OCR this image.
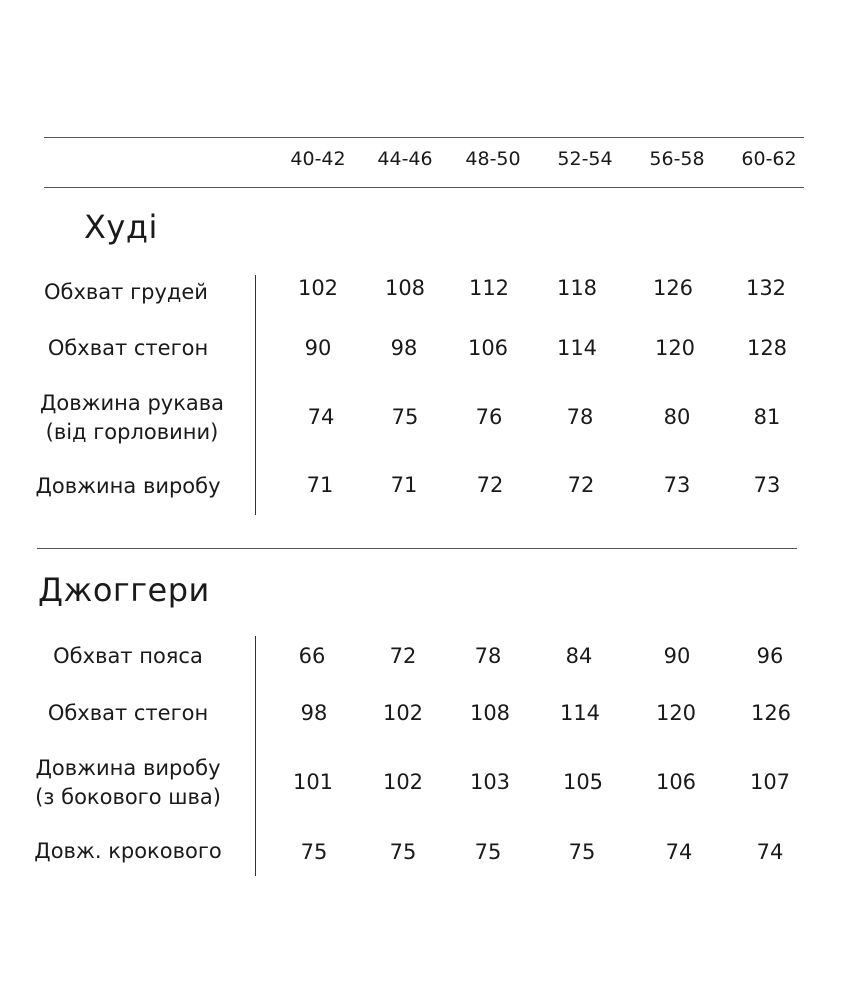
40-42 44-46 48-50 52-54 56-58 60-62
Худі
Обхват грудей	102 108 112 118	126	132
Обхват стегон	90	98 106 114	120 128
Довжина рукава
(від горловини)
74	75	76	78	80	81
Довжина виробу	71	71	72	72	73	73
Джоггери
Обхват пояса	66	72	78	84	90	96
Обхват стегон	98	102 108 114	120	126
Довжина виробу
(з бокового шва)
101 102 103	105	106	107
Довж. крокового	75	75	75	75	74	74
